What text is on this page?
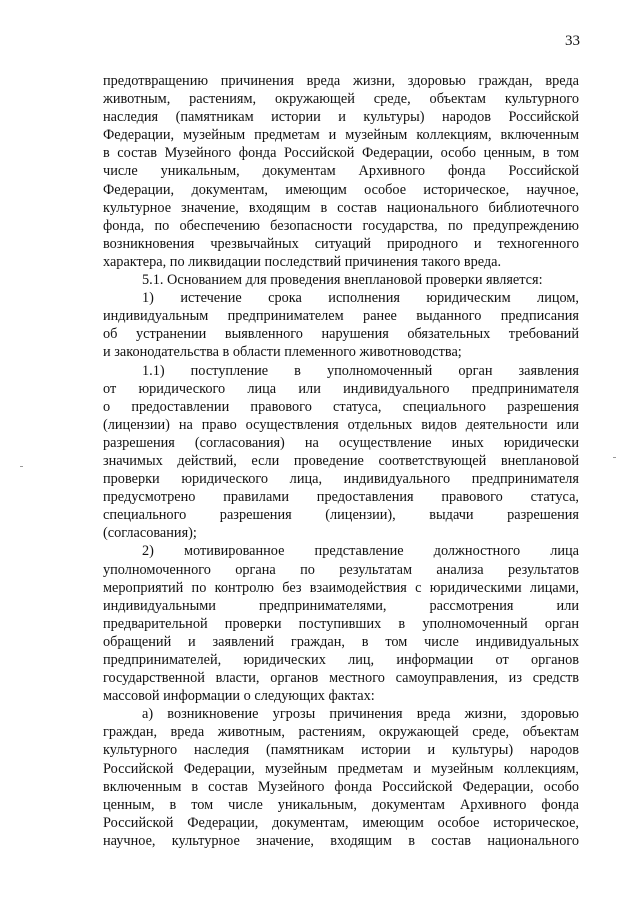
33
предотвращению причинения вреда жизни, здоровью граждан, вреда
животным, растениям, окружающей среде, объектам культурного
наследия (памятникам истории и культуры) народов Российской
Федерации, музейным предметам и музейным коллекциям, включенным
в состав Музейного фонда Российской Федерации, особо ценным, в том
числе уникальным, документам Архивного фонда Российской
Федерации, документам, имеющим особое историческое, научное,
культурное значение, входящим в состав национального библиотечного
фонда, по обеспечению безопасности государства, по предупреждению
возникновения чрезвычайных ситуаций природного и техногенного
характера, по ликвидации последствий причинения такого вреда.
5.1. Основанием для проведения внеплановой проверки является:
1) истечение срока исполнения юридическим лицом,
индивидуальным предпринимателем ранее выданного предписания
об устранении выявленного нарушения обязательных требований
и законодательства в области племенного животноводства;
1.1) поступление в уполномоченный орган заявления
от юридического лица или индивидуального предпринимателя
о предоставлении правового статуса, специального разрешения
(лицензии) на право осуществления отдельных видов деятельности или
разрешения (согласования) на осуществление иных юридически
значимых действий, если проведение соответствующей внеплановой
проверки юридического лица, индивидуального предпринимателя
предусмотрено правилами предоставления правового статуса,
специального разрешения (лицензии), выдачи разрешения
(согласования);
2) мотивированное представление должностного лица
уполномоченного органа по результатам анализа результатов
мероприятий по контролю без взаимодействия с юридическими лицами,
индивидуальными предпринимателями, рассмотрения или
предварительной проверки поступивших в уполномоченный орган
обращений и заявлений граждан, в том числе индивидуальных
предпринимателей, юридических лиц, информации от органов
государственной власти, органов местного самоуправления, из средств
массовой информации о следующих фактах:
а) возникновение угрозы причинения вреда жизни, здоровью
граждан, вреда животным, растениям, окружающей среде, объектам
культурного наследия (памятникам истории и культуры) народов
Российской Федерации, музейным предметам и музейным коллекциям,
включенным в состав Музейного фонда Российской Федерации, особо
ценным, в том числе уникальным, документам Архивного фонда
Российской Федерации, документам, имеющим особое историческое,
научное, культурное значение, входящим в состав национального
